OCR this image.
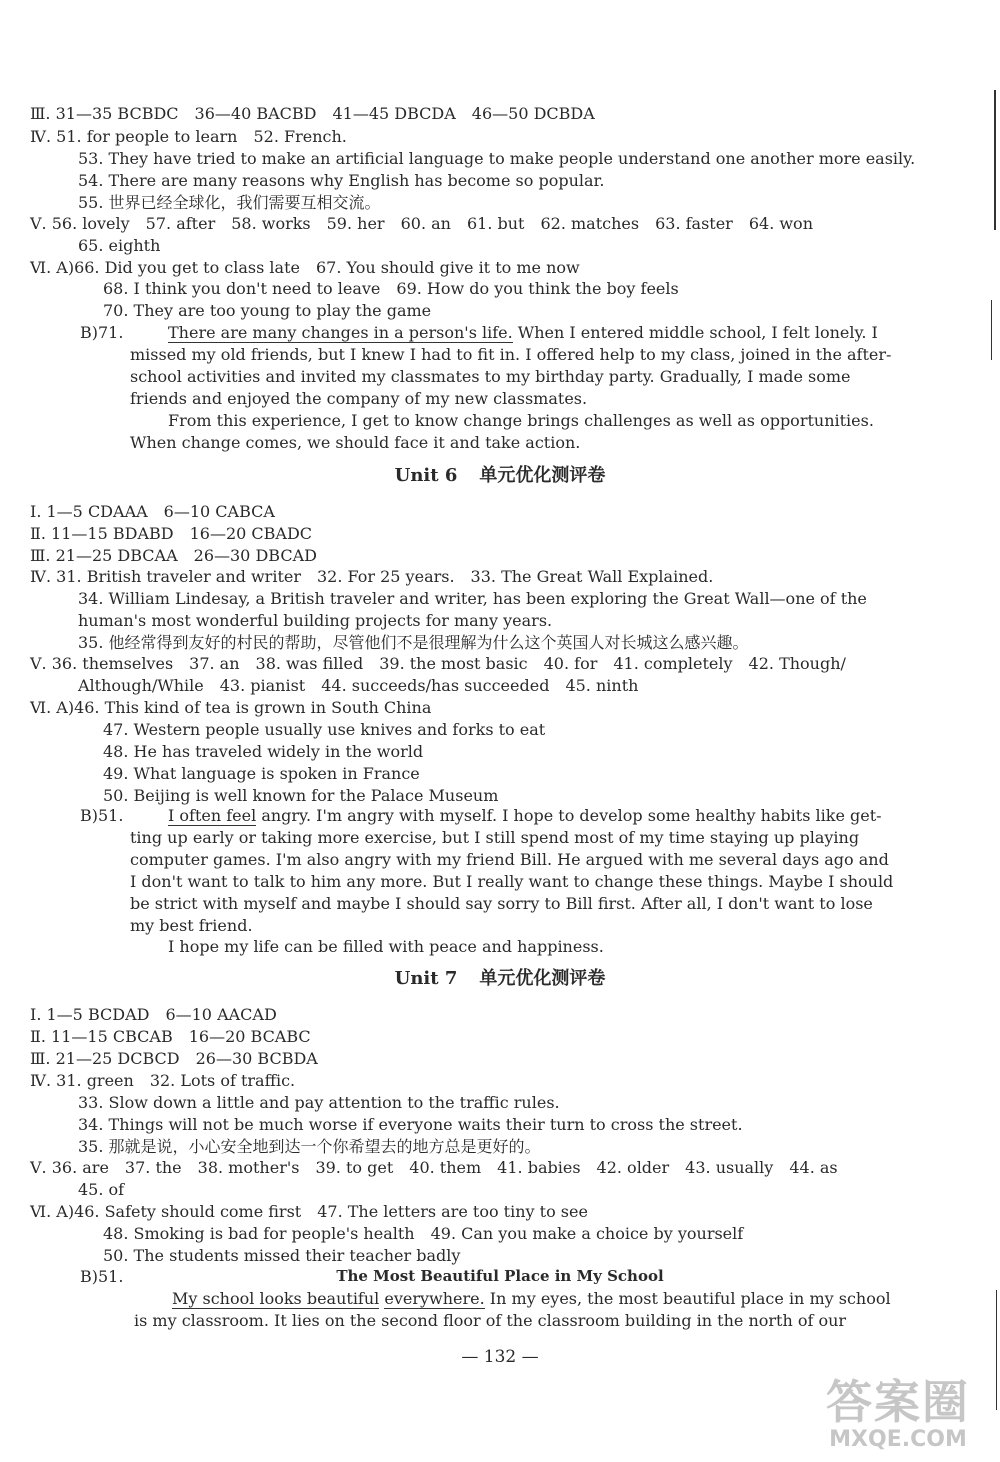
Ⅲ. 31—35 BCBDC　36—40 BACBD　41—45 DBCDA　46—50 DCBDA
Ⅳ. 51. for people to learn　52. French.
53. They have tried to make an artificial language to make people understand one another more easily.
54. There are many reasons why English has become so popular.
55. 世界已经全球化，我们需要互相交流。
Ⅴ. 56. lovely　57. after　58. works　59. her　60. an　61. but　62. matches　63. faster　64. won
65. eighth
Ⅵ. A)66. Did you get to class late　67. You should give it to me now
68. I think you don't need to leave　69. How do you think the boy feels
70. They are too young to play the game
B)71.	There are many changes in a person's life. When I entered middle school, I felt lonely. I
missed my old friends, but I knew I had to fit in. I offered help to my class, joined in the after-
school activities and invited my classmates to my birthday party. Gradually, I made some
friends and enjoyed the company of my new classmates.
From this experience, I get to know change brings challenges as well as opportunities.
When change comes, we should face it and take action.
Unit 6 单元优化测评卷
Ⅰ. 1—5 CDAAA　6—10 CABCA
Ⅱ. 11—15 BDABD　16—20 CBADC
Ⅲ. 21—25 DBCAA　26—30 DBCAD
Ⅳ. 31. British traveler and writer　32. For 25 years.　33. The Great Wall Explained.
34. William Lindesay, a British traveler and writer, has been exploring the Great Wall—one of the
human's most wonderful building projects for many years.
35. 他经常得到友好的村民的帮助，尽管他们不是很理解为什么这个英国人对长城这么感兴趣。
Ⅴ. 36. themselves　37. an　38. was filled　39. the most basic　40. for　41. completely　42. Though/
Although/While　43. pianist　44. succeeds/has succeeded　45. ninth
Ⅵ. A)46. This kind of tea is grown in South China
47. Western people usually use knives and forks to eat
48. He has traveled widely in the world
49. What language is spoken in France
50. Beijing is well known for the Palace Museum
B)51.	I often feel angry. I'm angry with myself. I hope to develop some healthy habits like get-
ting up early or taking more exercise, but I still spend most of my time staying up playing
computer games. I'm also angry with my friend Bill. He argued with me several days ago and
I don't want to talk to him any more. But I really want to change these things. Maybe I should
be strict with myself and maybe I should say sorry to Bill first. After all, I don't want to lose
my best friend.
I hope my life can be filled with peace and happiness.
Unit 7 单元优化测评卷
Ⅰ. 1—5 BCDAD　6—10 AACAD
Ⅱ. 11—15 CBCAB　16—20 BCABC
Ⅲ. 21—25 DCBCD　26—30 BCBDA
Ⅳ. 31. green　32. Lots of traffic.
33. Slow down a little and pay attention to the traffic rules.
34. Things will not be much worse if everyone waits their turn to cross the street.
35. 那就是说，小心安全地到达一个你希望去的地方总是更好的。
Ⅴ. 36. are　37. the　38. mother's　39. to get　40. them　41. babies　42. older　43. usually　44. as
45. of
Ⅵ. A)46. Safety should come first　47. The letters are too tiny to see
48. Smoking is bad for people's health　49. Can you make a choice by yourself
50. The students missed their teacher badly
B)51.	The Most Beautiful Place in My School
My school looks beautiful everywhere. In my eyes, the most beautiful place in my school
is my classroom. It lies on the second floor of the classroom building in the north of our
— 132 —
答案圈
MXQE.COM
